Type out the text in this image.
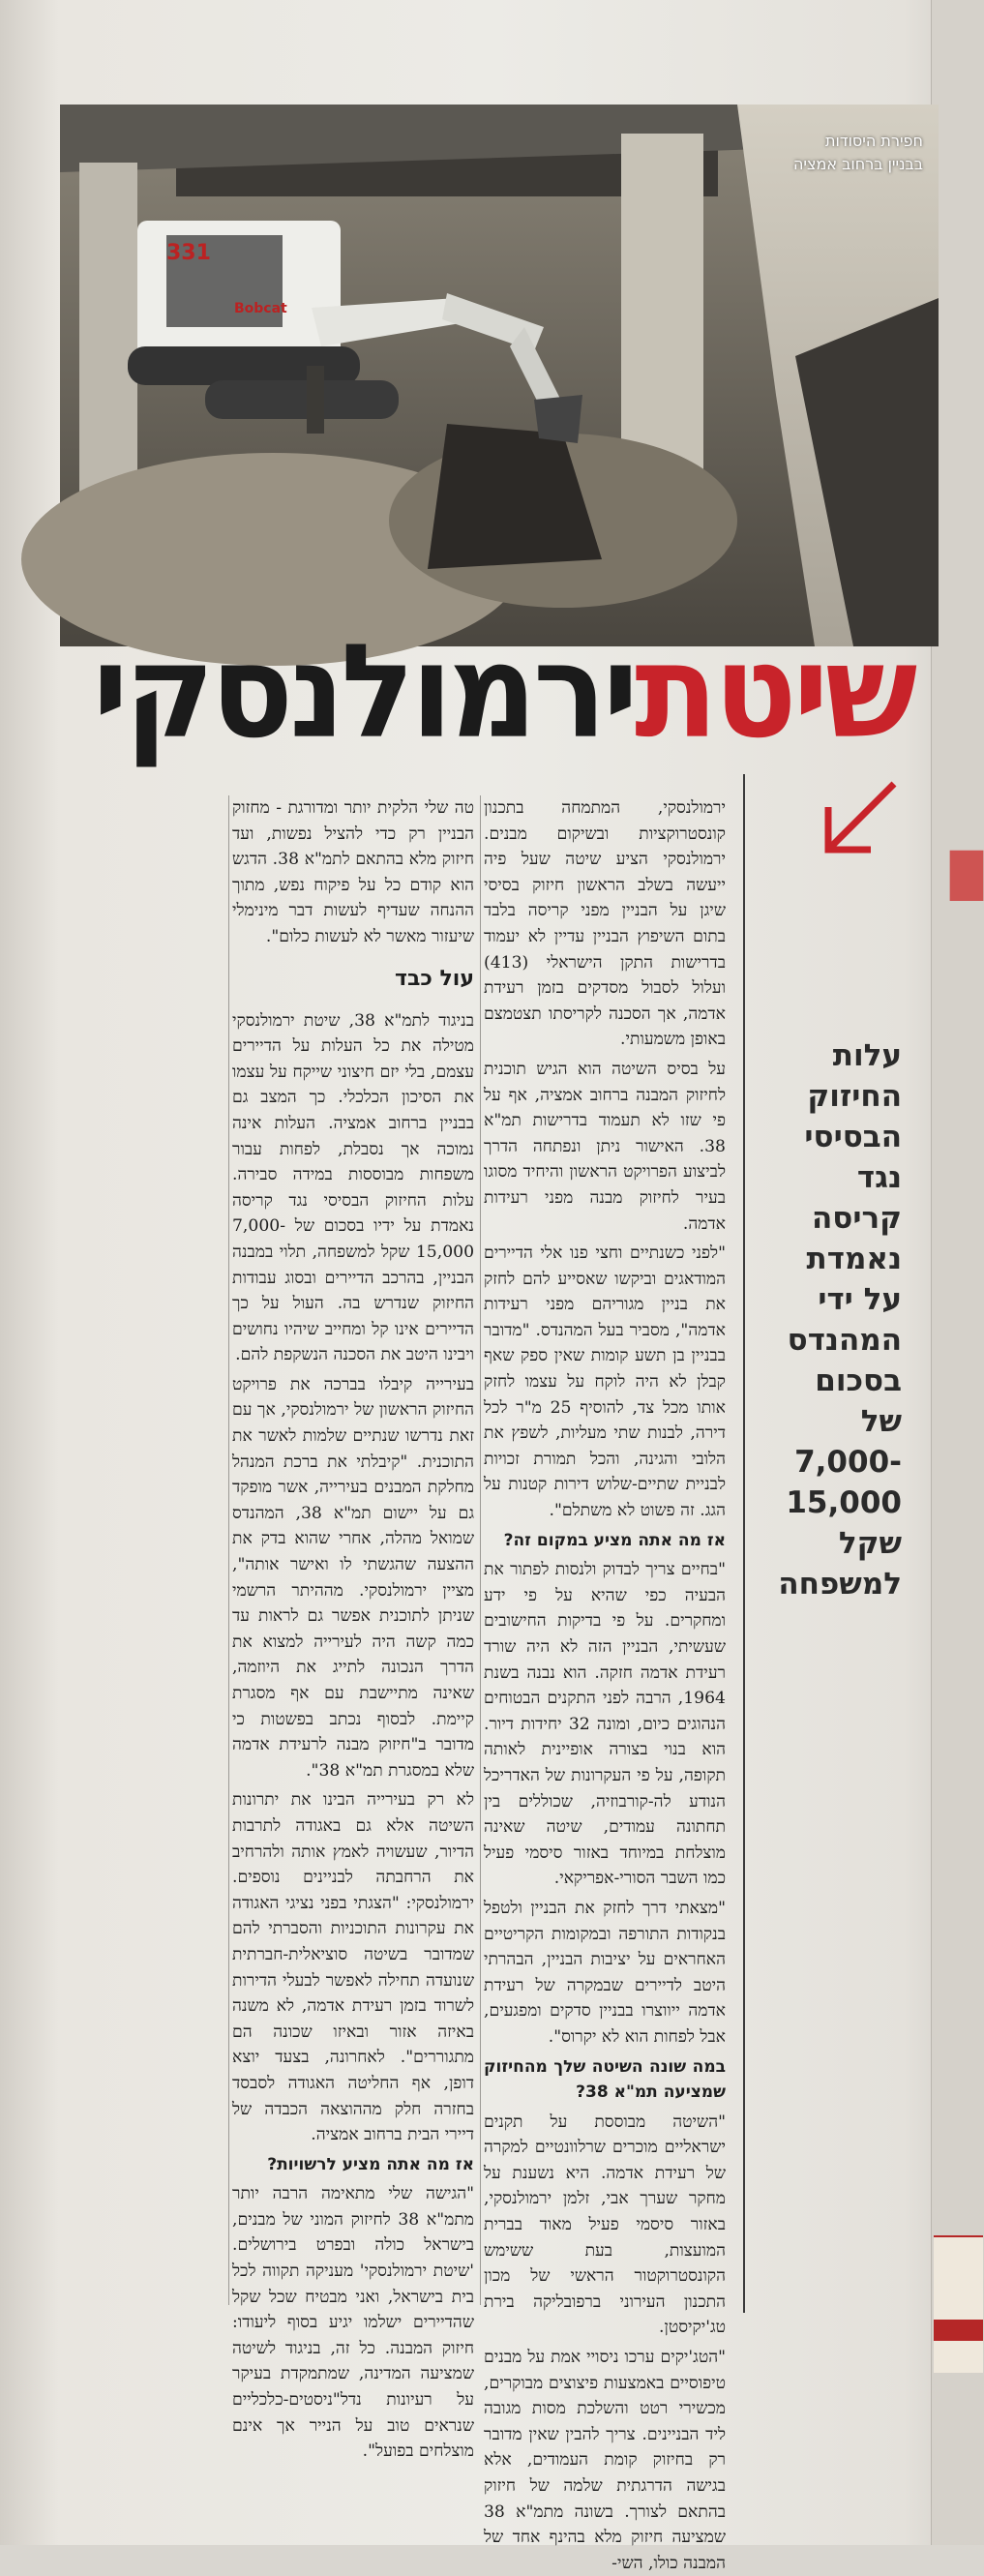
█
331
Bobcat
חפירת היסודות
בבניין ברחוב אמציה
שיטתירמולנסקי
עלות החיזוק הבסיסי נגד קריסה נאמדת על ידי המהנדס בסכום של 7,000-15,000 שקל למשפחה

ירמולנסקי, המתמחה בתכנון קונסטרוקציות ובשיקום מבנים. ירמולנסקי הציע שיטה שעל פיה ייעשה בשלב הראשון חיזוק בסיסי שיגן על הבניין מפני קריסה בלבד בתום השיפוץ הבניין עדיין לא יעמוד בדרישות התקן הישראלי (413) ועלול לסבול מסדקים בזמן רעידת אדמה, אך הסכנה לקריסתו תצטמצם באופן משמעותי.

על בסיס השיטה הוא הגיש תוכנית לחיזוק המבנה ברחוב אמציה, אף על פי שזו לא תעמוד בדרישות תמ"א 38. האישור ניתן ונפתחה הדרך לביצוע הפרויקט הראשון והיחיד מסוגו בעיר לחיזוק מבנה מפני רעידות אדמה.

"לפני כשנתיים וחצי פנו אלי הדיירים המודאגים וביקשו שאסייע להם לחזק את בניין מגוריהם מפני רעידות אדמה", מסביר בעל המהנדס. "מדובר בבניין בן תשע קומות שאין ספק שאף קבלן לא היה לוקח על עצמו לחזק אותו מכל צד, להוסיף 25 מ"ר לכל דירה, לבנות שתי מעליות, לשפץ את הלובי והגינה, והכל תמורת זכויות לבניית שתיים-שלוש דירות קטנות על הגג. זה פשוט לא משתלם".

אז מה אתה מציע במקום זה?

"בחיים צריך לבדוק ולנסות לפתור את הבעיה כפי שהיא על פי ידע ומחקרים. על פי בדיקות החישובים שעשיתי, הבניין הזה לא היה שורד רעידת אדמה חזקה. הוא נבנה בשנת 1964, הרבה לפני התקנים הבטוחים הנהוגים כיום, ומונה 32 יחידות דיור. הוא בנוי בצורה אופיינית לאותה תקופה, על פי העקרונות של האדריכל הנודע לה-קורבוזיה, שכוללים בין תחתונה עמודים, שיטה שאינה מוצלחת במיוחד באזור סיסמי פעיל כמו השבר הסורי-אפריקאי.

"מצאתי דרך לחזק את הבניין ולטפל בנקודות התורפה ובמקומות הקריטיים האחראים על יציבות הבניין, הבהרתי היטב לדיירים שבמקרה של רעידת אדמה ייווצרו בבניין סדקים ומפגעים, אבל לפחות הוא לא יקרוס".

במה שונה השיטה שלך מהחיזוק שמציעה תמ"א 38?

"השיטה מבוססת על תקנים ישראליים מוכרים שרלוונטיים למקרה של רעידת אדמה. היא נשענת על מחקר שערך אבי, זלמן ירמולנסקי, באזור סיסמי פעיל מאוד בברית המועצות, בעת ששימש הקונסטרוקטור הראשי של מכון התכנון העירוני ברפובליקה בירת טג'יקיסטן.

"הטג'יקים ערכו ניסויי אמת על מבנים טיפוסיים באמצעות פיצוצים מבוקרים, מכשירי רטט והשלכת מסות מגובה ליד הבניינים. צריך להבין שאין מדובר רק בחיזוק קומת העמודים, אלא בגישה הדרגתית שלמה של חיזוק בהתאם לצורך. בשונה מתמ"א 38 שמציעה חיזוק מלא בהינף אחד של המבנה כולו, השי-

טה שלי הלקית יותר ומדורגת - מחזוק הבניין רק כדי להציל נפשות, ועד חיזוק מלא בהתאם לתמ"א 38. הדגש הוא קודם כל על פיקוח נפש, מתוך ההנחה שעדיף לעשות דבר מינימלי שיעזור מאשר לא לעשות כלום".

עול כבד

בניגוד לתמ"א 38, שיטת ירמולנסקי מטילה את כל העלות על הדיירים עצמם, בלי יזם חיצוני שייקח על עצמו את הסיכון הכלכלי. כך המצב גם בבניין ברחוב אמציה. העלות אינה נמוכה אך נסבלת, לפחות עבור משפחות מבוססות במידה סבירה. עלות החיזוק הבסיסי נגד קריסה נאמדת על ידיו בסכום של 7,000-15,000 שקל למשפחה, תלוי במבנה הבניין, בהרכב הדיירים ובסוג עבודות החיזוק שנדרש בה. העול על כך הדיירים אינו קל ומחייב שיהיו נחושים ויבינו היטב את הסכנה הנשקפת להם.

בעירייה קיבלו בברכה את פרויקט החיזוק הראשון של ירמולנסקי, אך עם זאת נדרשו שנתיים שלמות לאשר את התוכנית. "קיבלתי את ברכת המנהל מחלקת המבנים בעירייה, אשר מופקד גם על יישום תמ"א 38, המהנדס שמואל מהלה, אחרי שהוא בדק את ההצעה שהגשתי לו ואישר אותה", מציין ירמולנסקי. מההיתר הרשמי שניתן לתוכנית אפשר גם לראות עד כמה קשה היה לעירייה למצוא את הדרך הנכונה לתייג את היוזמה, שאינה מתיישבת עם אף מסגרת קיימת. לבסוף נכתב בפשטות כי מדובר ב"חיזוק מבנה לרעידת אדמה שלא במסגרת תמ"א 38".

לא רק בעירייה הבינו את יתרונות השיטה אלא גם באגודה לתרבות הדיור, שעשויה לאמץ אותה ולהרחיב את הרחבתה לבניינים נוספים. ירמולנסקי: "הצגתי בפני נציגי האגודה את עקרונות התוכניות והסברתי להם שמדובר בשיטה סוציאלית-חברתית שנועדה תחילה לאפשר לבעלי הדירות לשרוד בזמן רעידת אדמה, לא משנה באיזה אזור ובאיזו שכונה הם מתגוררים". לאחרונה, בצעד יוצא דופן, אף החליטה האגודה לסבסד בחזרה חלק מההוצאה הכבדה של דיירי הבית ברחוב אמציה.

אז מה אתה מציע לרשויות?

"הגישה שלי מתאימה הרבה יותר מתמ"א 38 לחיזוק המוני של מבנים, בישראל כולה ובפרט בירושלים. 'שיטת ירמולנסקי' מעניקה תקווה לכל בית בישראל, ואני מבטיח שכל שקל שהדיירים ישלמו יגיע בסוף ליעודו: חיזוק המבנה. כל זה, בניגוד לשיטה שמציעה המדינה, שמתמקדת בעיקר על רעיונות נדל"ניסטים-כלכליים שנראים טוב על הנייר אך אינם מוצלחים בפועל".
